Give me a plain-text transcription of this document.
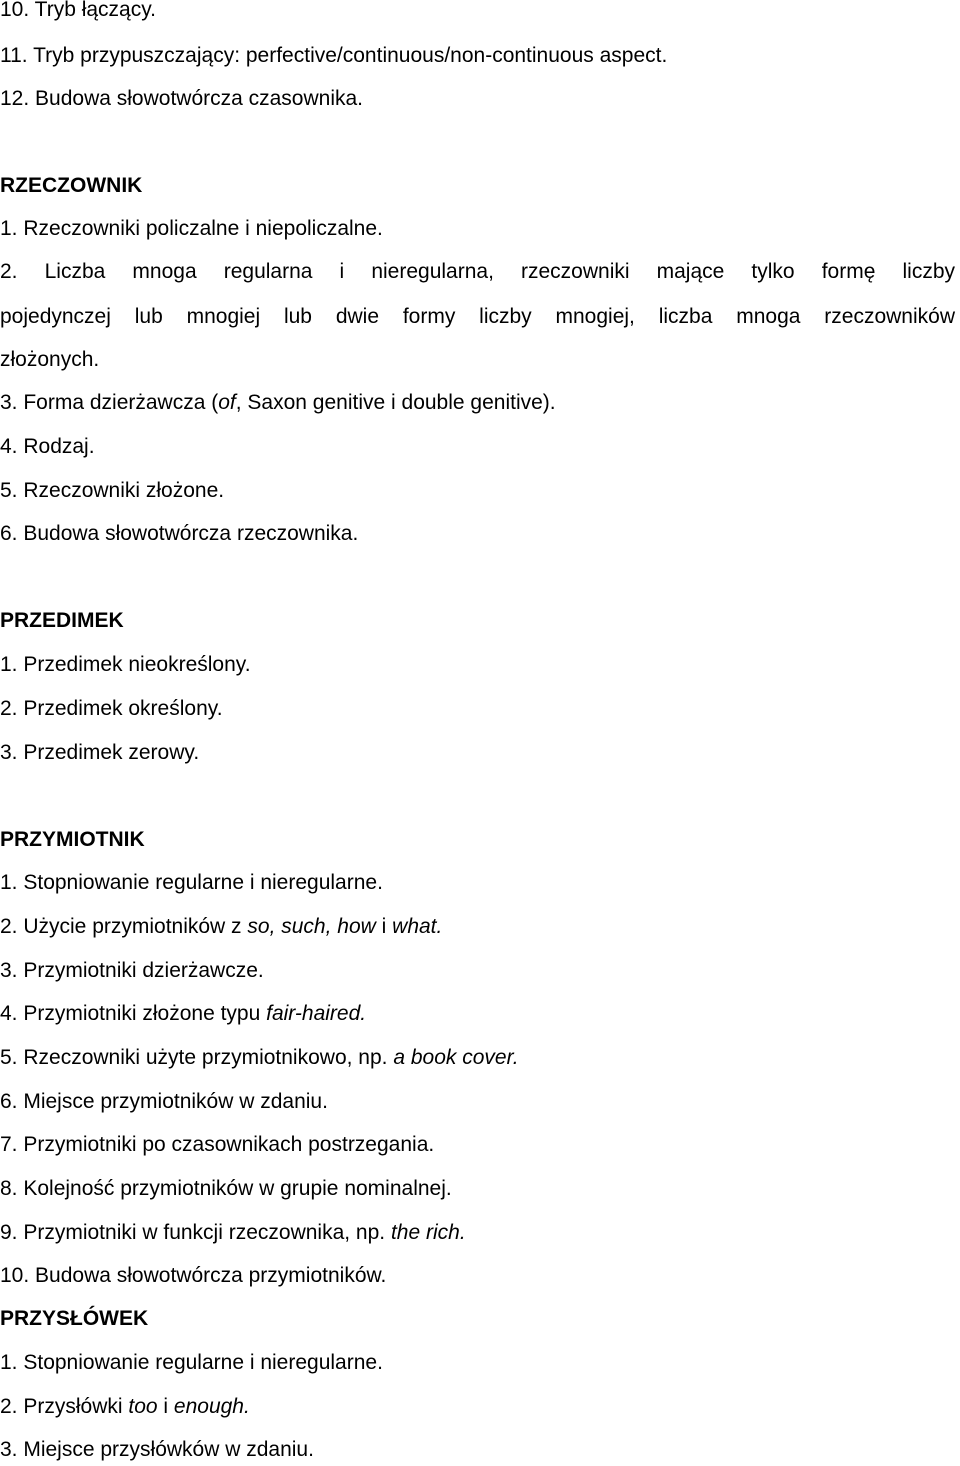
10. Tryb łączący.
11. Tryb przypuszczający: perfective/continuous/non-continuous aspect.
12. Budowa słowotwórcza czasownika.
RZECZOWNIK
1. Rzeczowniki policzalne i niepoliczalne.
2. Liczba mnoga regularna i nieregularna, rzeczowniki mające tylko formę liczby
pojedynczej lub mnogiej lub dwie formy liczby mnogiej, liczba mnoga rzeczowników
złożonych.
3. Forma dzierżawcza (of, Saxon genitive i double genitive).
4. Rodzaj.
5. Rzeczowniki złożone.
6. Budowa słowotwórcza rzeczownika.
PRZEDIMEK
1. Przedimek nieokreślony.
2. Przedimek określony.
3. Przedimek zerowy.
PRZYMIOTNIK
1. Stopniowanie regularne i nieregularne.
2. Użycie przymiotników z so, such, how i what.
3. Przymiotniki dzierżawcze.
4. Przymiotniki złożone typu fair-haired.
5. Rzeczowniki użyte przymiotnikowo, np. a book cover.
6. Miejsce przymiotników w zdaniu.
7. Przymiotniki po czasownikach postrzegania.
8. Kolejność przymiotników w grupie nominalnej.
9. Przymiotniki w funkcji rzeczownika, np. the rich.
10. Budowa słowotwórcza przymiotników.
PRZYSŁÓWEK
1. Stopniowanie regularne i nieregularne.
2. Przysłówki too i enough.
3. Miejsce przysłówków w zdaniu.
